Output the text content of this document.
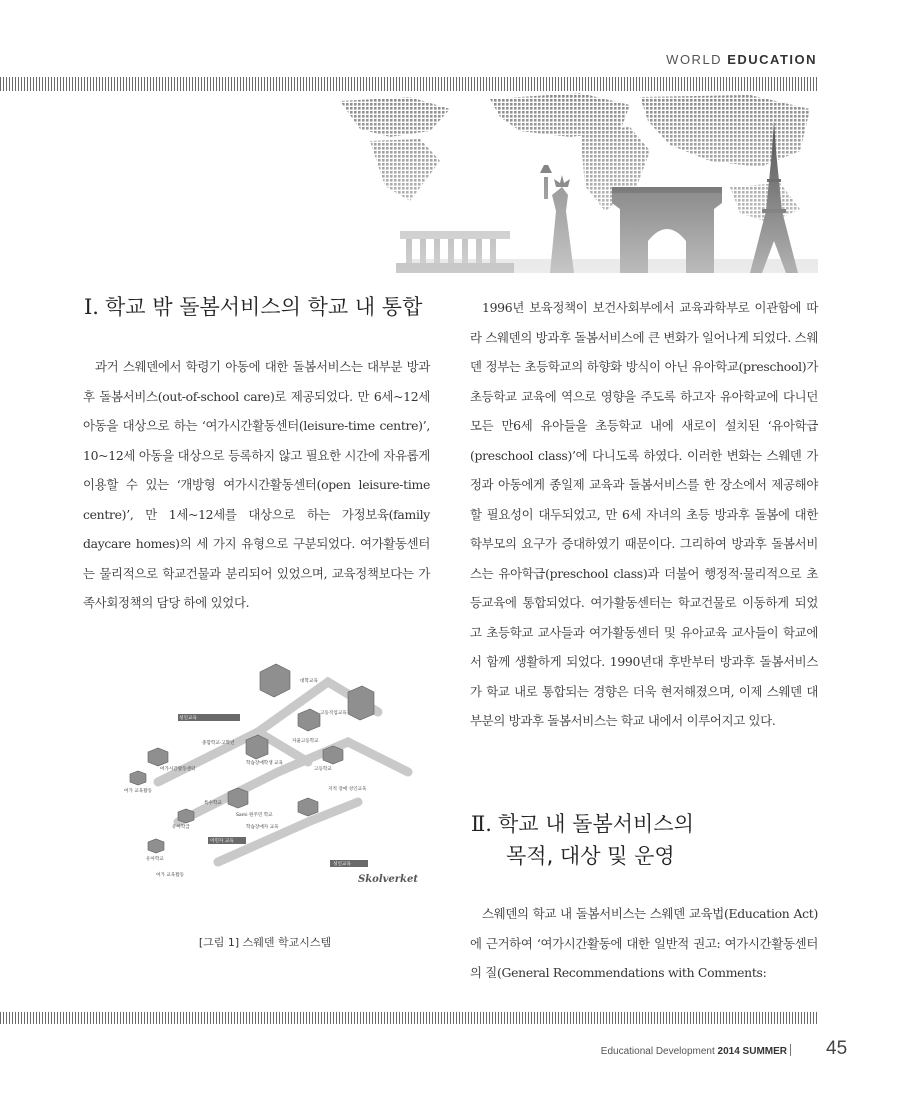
WORLD EDUCATION
Ⅰ. 학교 밖 돌봄서비스의 학교 내 통합

과거 스웨덴에서 학령기 아동에 대한 돌봄서비스는 대부분 방과후 돌봄서비스(out-of-school care)로 제공되었다. 만 6세~12세 아동을 대상으로 하는 ‘여가시간활동센터(leisure-time centre)’, 10~12세 아동을 대상으로 등록하지 않고 필요한 시간에 자유롭게 이용할 수 있는 ‘개방형 여가시간활동센터(open leisure-time centre)’, 만 1세~12세를 대상으로 하는 가정보육(family daycare homes)의 세 가지 유형으로 구분되었다. 여가활동센터는 물리적으로 학교건물과 분리되어 있었으며, 교육정책보다는 가족사회정책의 담당 하에 있었다.

대학교육
고등직업교육
자율고등학교
고등학교
종합학교·고학년
학습장애학생 교육
여가시간활동센터
여가 교육활동
유아학급
유아학교
여가 교육활동
성인교육
이민자 교육
특수학교
Sami 원주민 학교
학습장애자 교육
지적 장애 성인교육
성인교육
Skolverket
[그림 1] 스웨덴 학교시스템

1996년 보육정책이 보건사회부에서 교육과학부로 이관함에 따라 스웨덴의 방과후 돌봄서비스에 큰 변화가 일어나게 되었다. 스웨덴 정부는 초등학교의 하향화 방식이 아닌 유아학교(preschool)가 초등학교 교육에 역으로 영향을 주도록 하고자 유아학교에 다니던 모든 만6세 유아들을 초등학교 내에 새로이 설치된 ‘유아학급(preschool class)’에 다니도록 하였다. 이러한 변화는 스웨덴 가정과 아동에게 종일제 교육과 돌봄서비스를 한 장소에서 제공해야 할 필요성이 대두되었고, 만 6세 자녀의 초등 방과후 돌봄에 대한 학부모의 요구가 증대하였기 때문이다. 그리하여 방과후 돌봄서비스는 유아학급(preschool class)과 더불어 행정적·물리적으로 초등교육에 통합되었다. 여가활동센터는 학교건물로 이동하게 되었고 초등학교 교사들과 여가활동센터 및 유아교육 교사들이 학교에서 함께 생활하게 되었다. 1990년대 후반부터 방과후 돌봄서비스가 학교 내로 통합되는 경향은 더욱 현저해졌으며, 이제 스웨덴 대부분의 방과후 돌봄서비스는 학교 내에서 이루어지고 있다.

Ⅱ. 학교 내 돌봄서비스의
목적, 대상 및 운영

스웨덴의 학교 내 돌봄서비스는 스웨덴 교육법(Education Act)에 근거하여 ‘여가시간활동에 대한 일반적 권고: 여가시간활동센터의 질(General Recommendations with Comments:

Educational Development 2014 SUMMER 45
